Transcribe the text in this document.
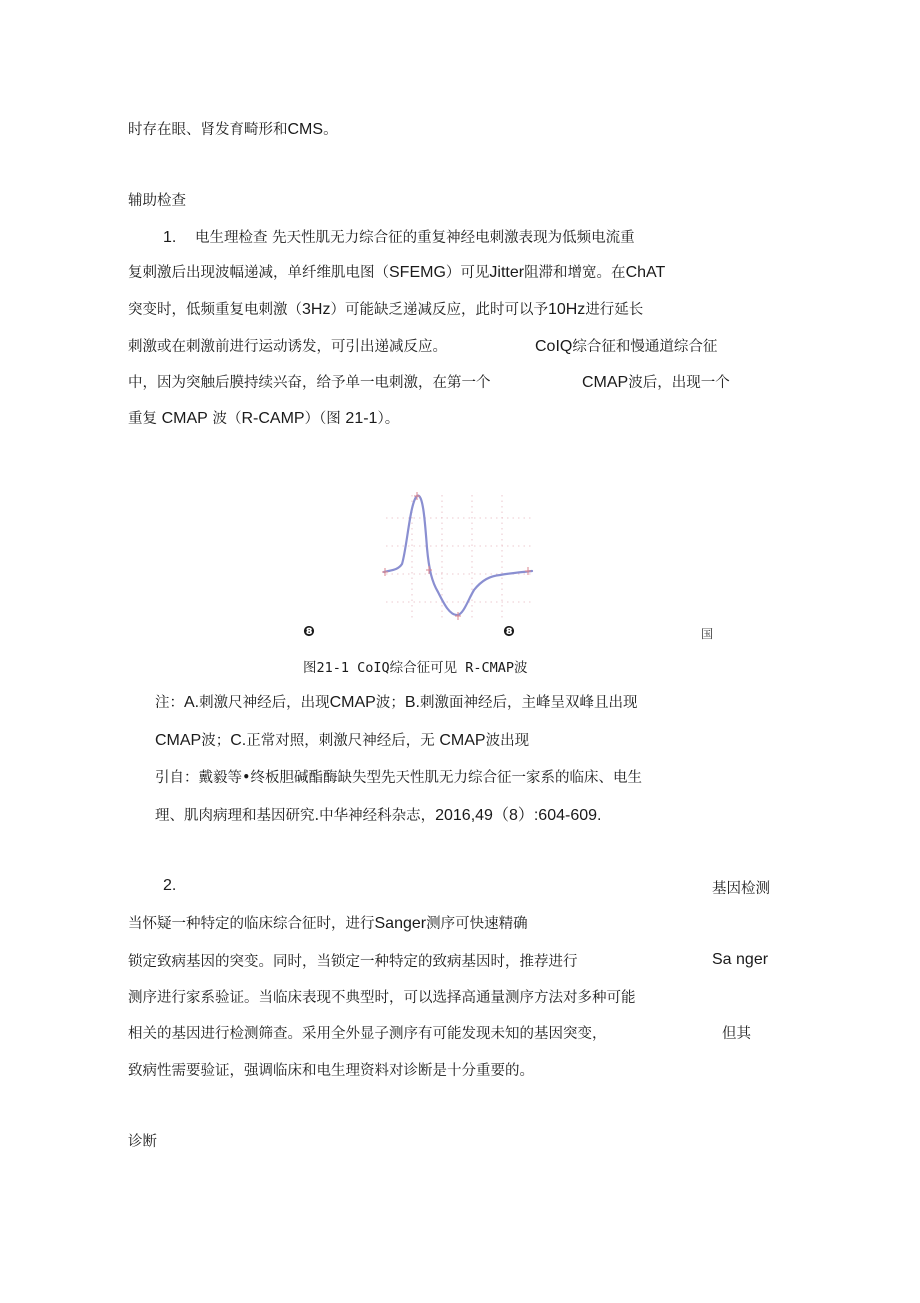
时存在眼、肾发育畸形和CMS。
辅助检查
1. 电生理检查 先天性肌无力综合征的重复神经电刺激表现为低频电流重
复刺激后出现波幅递减，单纤维肌电图（SFEMG）可见Jitter阻滞和增宽。在ChAT
突变时，低频重复电刺激（3Hz）可能缺乏递减反应，此时可以予10Hz进行延长
刺激或在刺激前进行运动诱发，可引出递减反应。	CoIQ综合征和慢通道综合征
中，因为突触后膜持续兴奋，给予单一电刺激，在第一个	CMAP波后，出现一个
重复 CMAP 波（R-CAMP）（图 21-1）。
❽	❽	国
图21-1 CoIQ综合征可见 R-CMAP波
注：A.刺激尺神经后，出现CMAP波；B.刺激面神经后，主峰呈双峰且出现
CMAP波；C.正常对照，刺激尺神经后，无 CMAP波出现
引自：戴毅等•终板胆碱酯酶缺失型先天性肌无力综合征一家系的临床、电生
理、肌肉病理和基因研究.中华神经科杂志，2016,49（8）:604-609.
2.	基因检测
当怀疑一种特定的临床综合征时，进行Sanger测序可快速精确
锁定致病基因的突变。同时，当锁定一种特定的致病基因时，推荐进行	Sa nger
测序进行家系验证。当临床表现不典型时，可以选择高通量测序方法对多种可能
相关的基因进行检测筛查。采用全外显子测序有可能发现未知的基因突变，	但其
致病性需要验证，强调临床和电生理资料对诊断是十分重要的。
诊断
